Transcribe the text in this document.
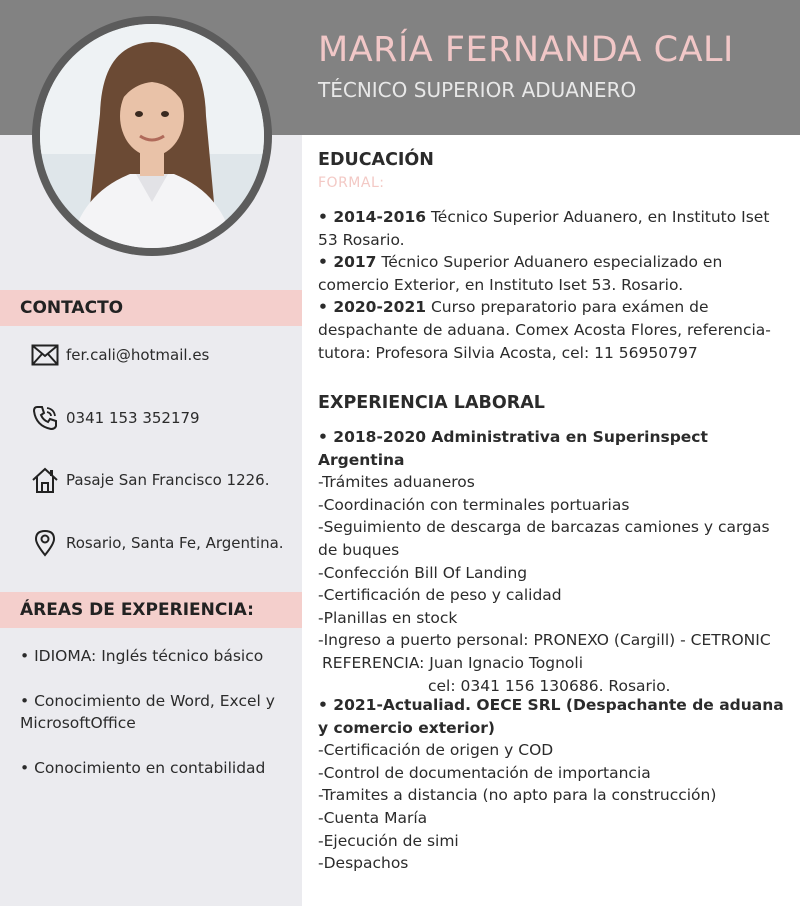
MARÍA FERNANDA CALI
TÉCNICO SUPERIOR ADUANERO
CONTACTO
fer.cali@hotmail.es
0341 153 352179
Pasaje San Francisco 1226.
Rosario, Santa Fe, Argentina.
ÁREAS DE EXPERIENCIA:
• IDIOMA: Inglés técnico básico
• Conocimiento de Word, Excel y MicrosoftOffice
• Conocimiento en contabilidad
EDUCACIÓN
FORMAL:

• 2014-2016 Técnico Superior Aduanero, en Instituto Iset 53 Rosario.

• 2017 Técnico Superior Aduanero especializado en comercio Exterior, en Instituto Iset 53. Rosario.

• 2020-2021 Curso preparatorio para exámen de despachante de aduana. Comex Acosta Flores, referencia-tutora: Profesora Silvia Acosta, cel: 11 56950797

EXPERIENCIA LABORAL

• 2018-2020 Administrativa en Superinspect Argentina

-Trámites aduaneros

-Coordinación con terminales portuarias

-Seguimiento de descarga de barcazas camiones y cargas de buques

-Confección Bill Of Landing

-Certificación de peso y calidad

-Planillas en stock

-Ingreso a puerto personal: PRONEXO (Cargill) - CETRONIC

REFERENCIA: Juan Ignacio Tognoli

cel: 0341 156 130686. Rosario.

• 2021-Actualiad. OECE SRL (Despachante de aduana y comercio exterior)

-Certificación de origen y COD

-Control de documentación de importancia

-Tramites a distancia (no apto para la construcción)

-Cuenta María

-Ejecución de simi

-Despachos
